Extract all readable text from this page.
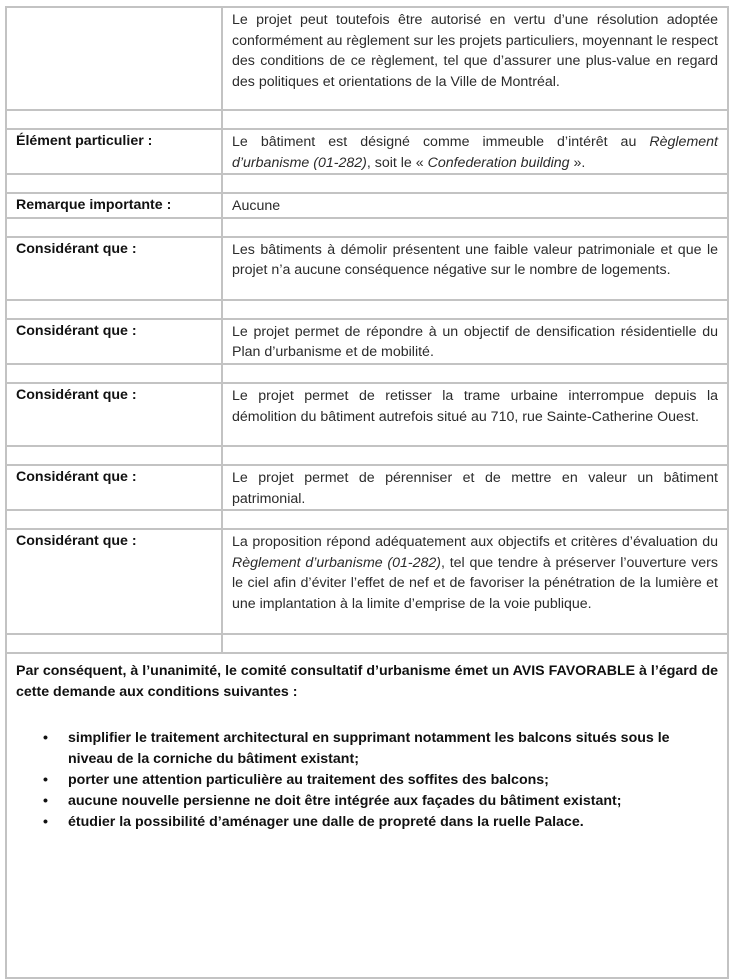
	Le projet peut toutefois être autorisé en vertu d’une résolution adoptée conformément au règlement sur les projets particuliers, moyennant le respect des conditions de ce règlement, tel que d’assurer une plus-value en regard des politiques et orientations de la Ville de Montréal.

Élément particulier :	Le bâtiment est désigné comme immeuble d’intérêt au Règlement d’urbanisme (01-282), soit le « Confederation building ».

Remarque importante :	Aucune

Considérant que :	Les bâtiments à démolir présentent une faible valeur patrimoniale et que le projet n’a aucune conséquence négative sur le nombre de logements.

Considérant que :	Le projet permet de répondre à un objectif de densification résidentielle du Plan d’urbanisme et de mobilité.

Considérant que :	Le projet permet de retisser la trame urbaine interrompue depuis la démolition du bâtiment autrefois situé au 710, rue Sainte-Catherine Ouest.

Considérant que :	Le projet permet de pérenniser et de mettre en valeur un bâtiment patrimonial.

Considérant que :	La proposition répond adéquatement aux objectifs et critères d’évaluation du Règlement d’urbanisme (01-282), tel que tendre à préserver l’ouverture vers le ciel afin d’éviter l’effet de nef et de favoriser la pénétration de la lumière et une implantation à la limite d’emprise de la voie publique.

Par conséquent, à l’unanimité, le comité consultatif d’urbanisme émet un AVIS FAVORABLE à l’égard de cette demande aux conditions suivantes :
• simplifier le traitement architectural en supprimant notamment les balcons situés sous le niveau de la corniche du bâtiment existant;
• porter une attention particulière au traitement des soffites des balcons;
• aucune nouvelle persienne ne doit être intégrée aux façades du bâtiment existant;
• étudier la possibilité d’aménager une dalle de propreté dans la ruelle Palace.
